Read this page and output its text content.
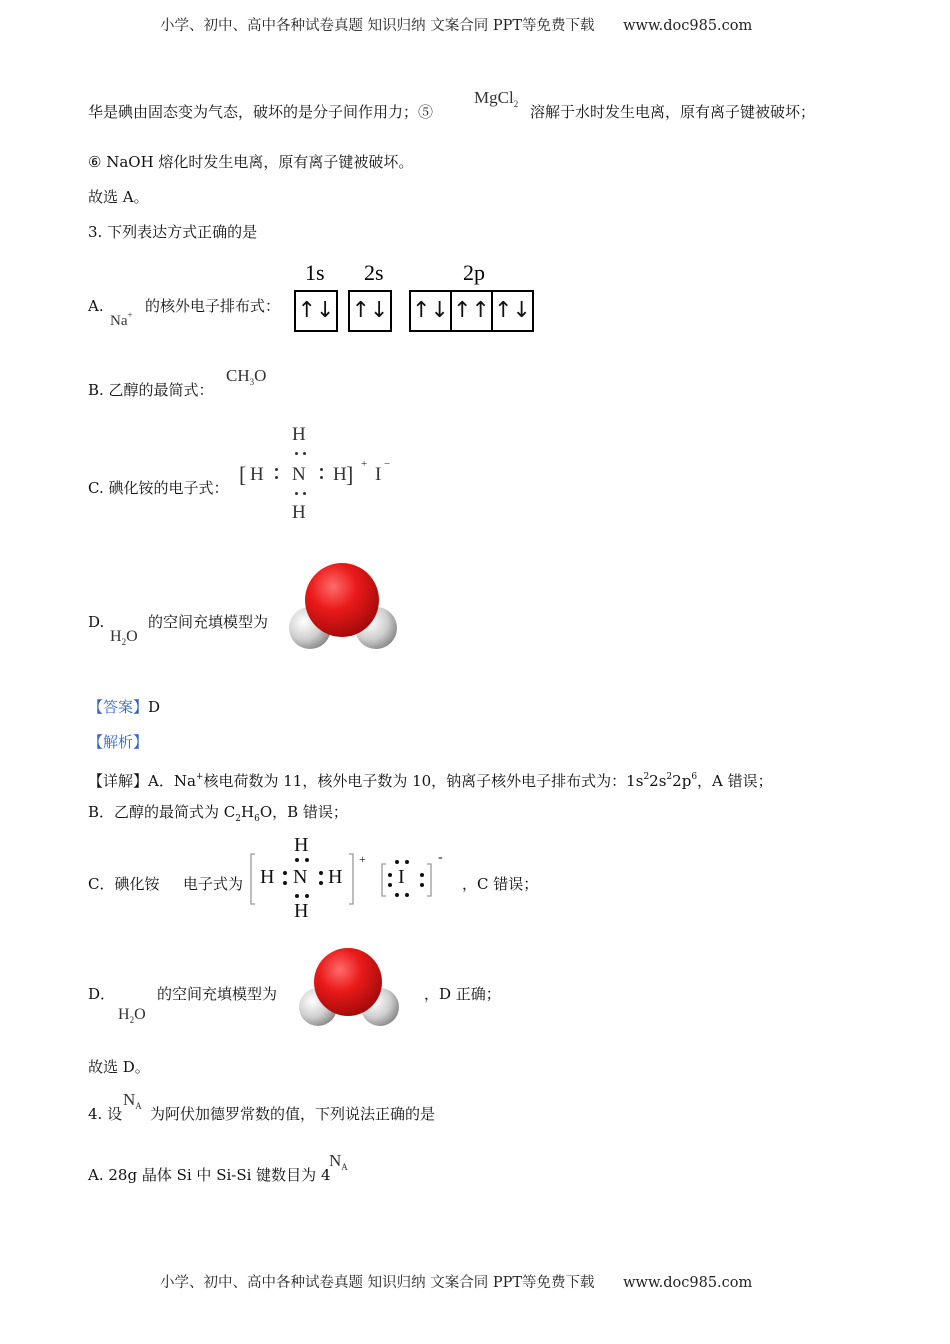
小学、初中、高中各种试卷真题 知识归纳 文案合同 PPT等免费下载 www.doc985.com
华是碘由固态变为气态，破坏的是分子间作用力；⑤
MgCl$_2$ 溶解于水时发生电离，原有离子键被破坏；
⑥ NaOH 熔化时发生电离，原有离子键被破坏。
故选 A。
3. 下列表达方式正确的是
A.
Na+ 的核外电子排布式：
1s 2s	2p
↑↓ ↑↓ ↑↓ ↑↑ ↑↓
B. 乙醇的最简式：
$CH_3O$
C. 碘化铵的电子式：
H
[ H N H ] + I −
H
D.
$H_2O$
的空间充填模型为
【答案】D
【解析】
【详解】A．Na+核电荷数为 11，核外电子数为 10，钠离子核外电子排布式为：$1s^22s^22p^6$，A 错误；
B．乙醇的最简式为 $C_2H_6O$，B 错误；
C．碘化铵 电子式为
H
H N H
H
+
I
-
，C 错误；
D．
$H_2O$
的空间充填模型为	，D 正确；
故选 D。
4. 设
$N_A$ 为阿伏加德罗常数的值，下列说法正确的是
A. 28g 晶体 Si 中 Si-Si 键数目为 4
$N_A$
小学、初中、高中各种试卷真题 知识归纳 文案合同 PPT等免费下载 www.doc985.com
